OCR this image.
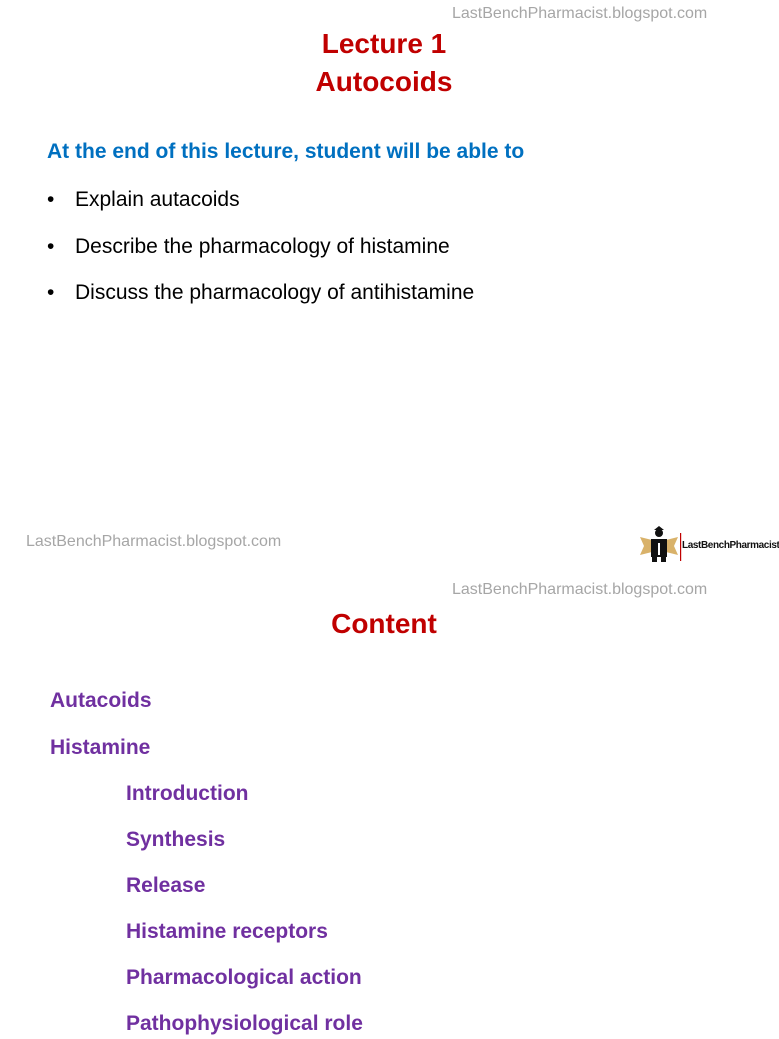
LastBenchPharmacist.blogspot.com
Lecture 1
Autocoids
At the end of this lecture, student will be able to
• Explain autacoids
• Describe the pharmacology of histamine
• Discuss the pharmacology of antihistamine
LastBenchPharmacist.blogspot.com	LastBenchPharmacist
LastBenchPharmacist.blogspot.com
Content
Autacoids
Histamine
Introduction
Synthesis
Release
Histamine receptors
Pharmacological action
Pathophysiological role
